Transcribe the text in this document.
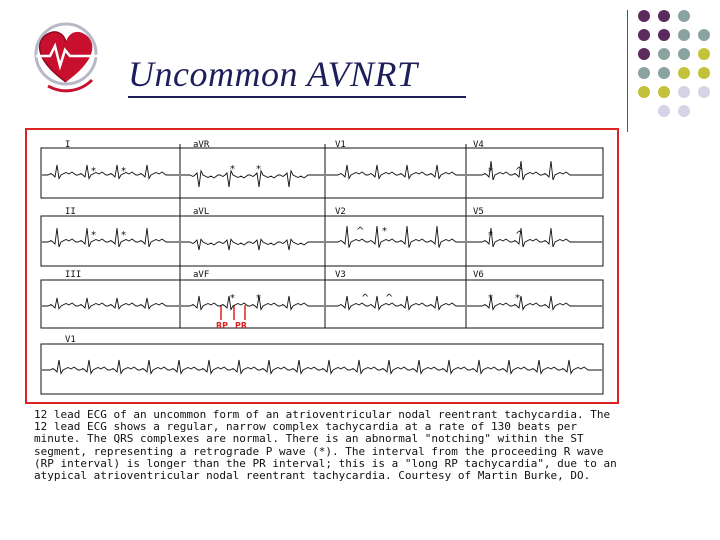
Uncommon AVNRT
I	aVR	V1	V4
II	aVL	V2	V5
III	aVF	V3	V6
V1
RP PR
*	*	* *	* ^
*	*	^ *	* ^
* *	^ ^	* *

12 lead ECG of an uncommon form of an atrioventricular nodal reentrant tachycardia. The 12 lead ECG shows a regular, narrow complex tachycardia at a rate of 130 beats per minute. The QRS complexes are normal. There is an abnormal "notching" within the ST segment, representing a retrograde P wave (*). The interval from the proceeding R wave (RP interval) is longer than the PR interval; this is a "long RP tachycardia", due to an atypical atrioventricular nodal reentrant tachycardia. Courtesy of Martin Burke, DO.
